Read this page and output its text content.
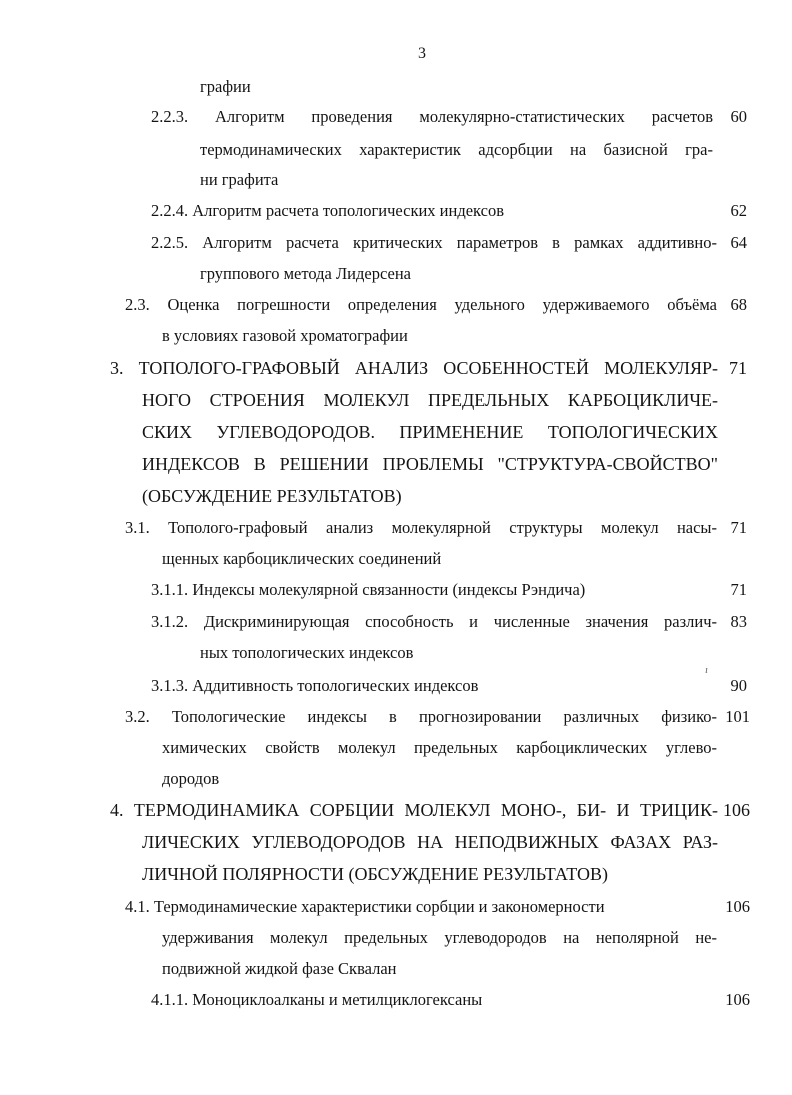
3
графии
2.2.3. Алгоритм проведения молекулярно-статистических расчетов	60
термодинамических характеристик адсорбции на базисной гра-
ни графита
2.2.4. Алгоритм расчета топологических индексов	62
2.2.5. Алгоритм расчета критических параметров в рамках аддитивно- 64
группового метода Лидерсена
2.3. Оценка погрешности определения удельного удерживаемого объёма 68
в условиях газовой хроматографии
3. ТОПОЛОГО-ГРАФОВЫЙ АНАЛИЗ ОСОБЕННОСТЕЙ МОЛЕКУЛЯР- 71
НОГО СТРОЕНИЯ МОЛЕКУЛ ПРЕДЕЛЬНЫХ КАРБОЦИКЛИЧЕ-
СКИХ УГЛЕВОДОРОДОВ. ПРИМЕНЕНИЕ ТОПОЛОГИЧЕСКИХ
ИНДЕКСОВ В РЕШЕНИИ ПРОБЛЕМЫ "СТРУКТУРА-СВОЙСТВО"
(ОБСУЖДЕНИЕ РЕЗУЛЬТАТОВ)
3.1. Тополого-графовый анализ молекулярной структуры молекул насы- 71
щенных карбоциклических соединений
3.1.1. Индексы молекулярной связанности (индексы Рэндича)	71
3.1.2. Дискриминирующая способность и численные значения различ- 83
ных топологических индексов
ı
3.1.3. Аддитивность топологических индексов	90
3.2. Топологические индексы в прогнозировании различных физико- 101
химических свойств молекул предельных карбоциклических углево-
дородов
4. ТЕРМОДИНАМИКА СОРБЦИИ МОЛЕКУЛ МОНО-, БИ- И ТРИЦИК- 106
ЛИЧЕСКИХ УГЛЕВОДОРОДОВ НА НЕПОДВИЖНЫХ ФАЗАХ РАЗ-
ЛИЧНОЙ ПОЛЯРНОСТИ (ОБСУЖДЕНИЕ РЕЗУЛЬТАТОВ)
4.1. Термодинамические характеристики сорбции и закономерности	106
удерживания молекул предельных углеводородов на неполярной не-
подвижной жидкой фазе Сквалан
4.1.1. Моноциклоалканы и метилциклогексаны	106
